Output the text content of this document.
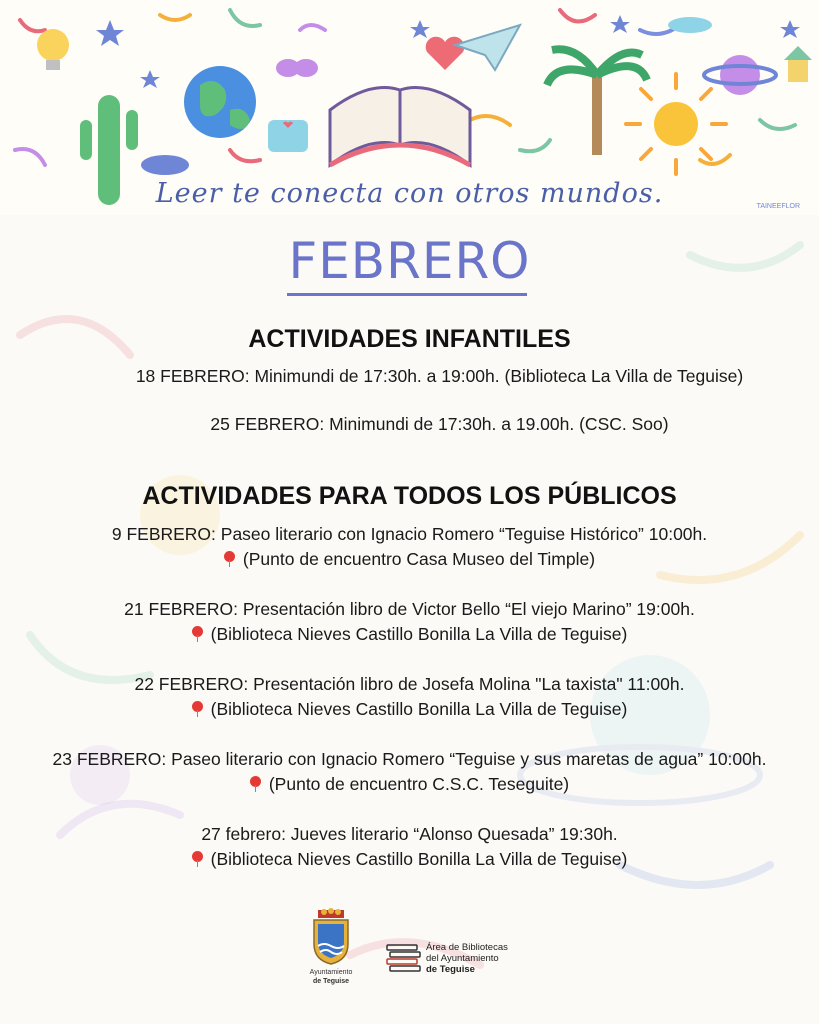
TAINEEFLOR
Leer te conecta con otros mundos.
FEBRERO
ACTIVIDADES INFANTILES
18 FEBRERO: Minimundi de 17:30h. a 19:00h. (Biblioteca La Villa de Teguise)
25 FEBRERO: Minimundi de 17:30h. a 19.00h. (CSC. Soo)
ACTIVIDADES PARA TODOS LOS PÚBLICOS
9 FEBRERO: Paseo literario con Ignacio Romero “Teguise Histórico” 10:00h.
(Punto de encuentro Casa Museo del Timple)
21 FEBRERO: Presentación libro de Victor Bello “El viejo Marino” 19:00h.
(Biblioteca Nieves Castillo Bonilla La Villa de Teguise)
22 FEBRERO: Presentación libro de Josefa Molina "La taxista" 11:00h.
(Biblioteca Nieves Castillo Bonilla La Villa de Teguise)
23 FEBRERO: Paseo literario con Ignacio Romero “Teguise y sus maretas de agua” 10:00h.
(Punto de encuentro C.S.C. Teseguite)
27 febrero: Jueves literario “Alonso Quesada” 19:30h.
(Biblioteca Nieves Castillo Bonilla La Villa de Teguise)
Ayuntamiento
de Teguise
Área de Bibliotecas
del Ayuntamiento
de Teguise
